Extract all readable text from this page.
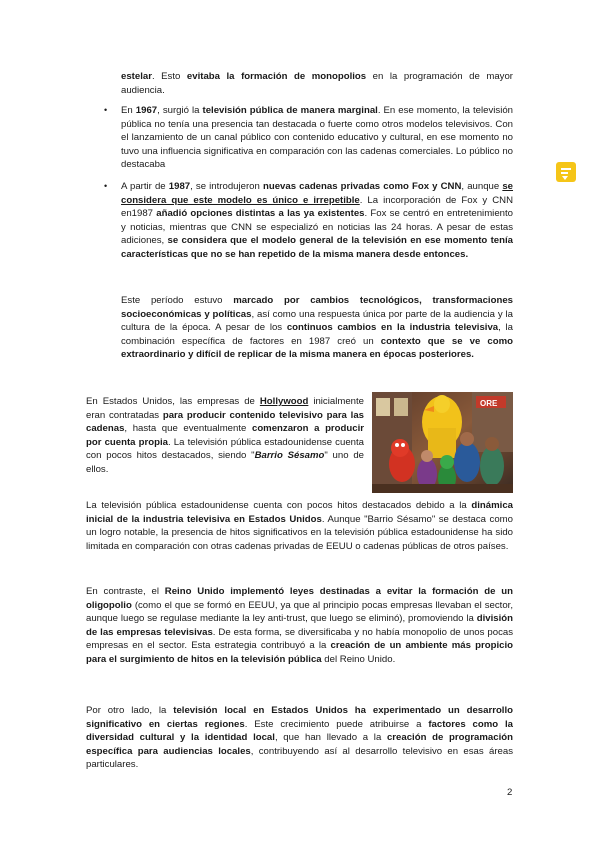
estelar. Esto evitaba la formación de monopolios en la programación de mayor audiencia.

• En 1967, surgió la televisión pública de manera marginal. En ese momento, la televisión pública no tenía una presencia tan destacada o fuerte como otros modelos televisivos. Con el lanzamiento de un canal público con contenido educativo y cultural, en ese momento no tuvo una influencia significativa en comparación con las cadenas comerciales. Lo público no destacaba

• A partir de 1987, se introdujeron nuevas cadenas privadas como Fox y CNN, aunque se considera que este modelo es único e irrepetible. La incorporación de Fox y CNN en1987 añadió opciones distintas a las ya existentes. Fox se centró en entretenimiento y noticias, mientras que CNN se especializó en noticias las 24 horas. A pesar de estas adiciones, se considera que el modelo general de la televisión en ese momento tenía características que no se han repetido de la misma manera desde entonces.

Este período estuvo marcado por cambios tecnológicos, transformaciones socioeconómicas y políticas, así como una respuesta única por parte de la audiencia y la cultura de la época. A pesar de los continuos cambios en la industria televisiva, la combinación específica de factores en 1987 creó un contexto que se ve como extraordinario y difícil de replicar de la misma manera en épocas posteriores.

En Estados Unidos, las empresas de Hollywood inicialmente eran contratadas para producir contenido televisivo para las cadenas, hasta que eventualmente comenzaron a producir por cuenta propia. La televisión pública estadounidense cuenta con pocos hitos destacados, siendo "Barrio Sésamo" uno de ellos.

ORE

La televisión pública estadounidense cuenta con pocos hitos destacados debido a la dinámica inicial de la industria televisiva en Estados Unidos. Aunque "Barrio Sésamo" se destaca como un logro notable, la presencia de hitos significativos en la televisión pública estadounidense ha sido limitada en comparación con otras cadenas privadas de EEUU o cadenas públicas de otros países.

En contraste, el Reino Unido implementó leyes destinadas a evitar la formación de un oligopolio (como el que se formó en EEUU, ya que al principio pocas empresas llevaban el sector, aunque luego se regulase mediante la ley anti-trust, que luego se eliminó), promoviendo la división de las empresas televisivas. De esta forma, se diversificaba y no había monopolio de unos pocas empresas en el sector. Esta estrategia contribuyó a la creación de un ambiente más propicio para el surgimiento de hitos en la televisión pública del Reino Unido.

Por otro lado, la televisión local en Estados Unidos ha experimentado un desarrollo significativo en ciertas regiones. Este crecimiento puede atribuirse a factores como la diversidad cultural y la identidad local, que han llevado a la creación de programación específica para audiencias locales, contribuyendo así al desarrollo televisivo en esas áreas particulares.

2
